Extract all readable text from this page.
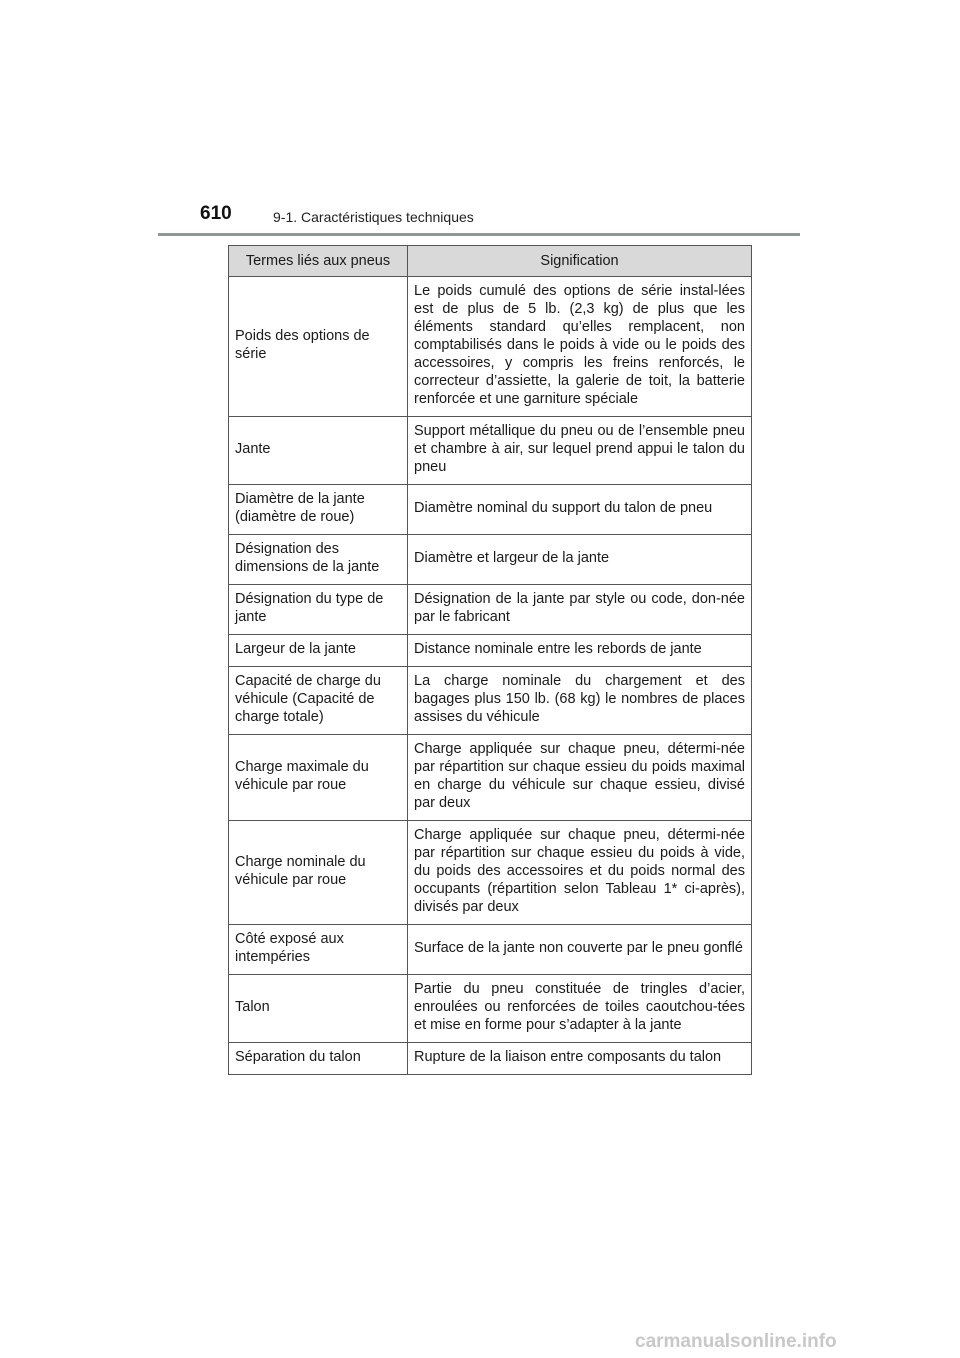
610	9-1. Caractéristiques techniques
Termes liés aux pneus	Signification
Poids des options de série	Le poids cumulé des options de série instal-lées est de plus de 5 lb. (2,3 kg) de plus que les éléments standard qu’elles remplacent, non comptabilisés dans le poids à vide ou le poids des accessoires, y compris les freins renforcés, le correcteur d’assiette, la galerie de toit, la batterie renforcée et une garniture spéciale
Jante	Support métallique du pneu ou de l’ensemble pneu et chambre à air, sur lequel prend appui le talon du pneu
Diamètre de la jante (diamètre de roue)	Diamètre nominal du support du talon de pneu
Désignation des dimensions de la jante	Diamètre et largeur de la jante
Désignation du type de jante	Désignation de la jante par style ou code, don-née par le fabricant
Largeur de la jante	Distance nominale entre les rebords de jante
Capacité de charge du véhicule (Capacité de charge totale)	La charge nominale du chargement et des bagages plus 150 lb. (68 kg) le nombres de places assises du véhicule
Charge maximale du véhicule par roue	Charge appliquée sur chaque pneu, détermi-née par répartition sur chaque essieu du poids maximal en charge du véhicule sur chaque essieu, divisé par deux
Charge nominale du véhicule par roue	Charge appliquée sur chaque pneu, détermi-née par répartition sur chaque essieu du poids à vide, du poids des accessoires et du poids normal des occupants (répartition selon Tableau 1* ci-après), divisés par deux
Côté exposé aux intempéries	Surface de la jante non couverte par le pneu gonflé
Talon	Partie du pneu constituée de tringles d’acier, enroulées ou renforcées de toiles caoutchou-tées et mise en forme pour s’adapter à la jante
Séparation du talon	Rupture de la liaison entre composants du talon
carmanualsonline.info
